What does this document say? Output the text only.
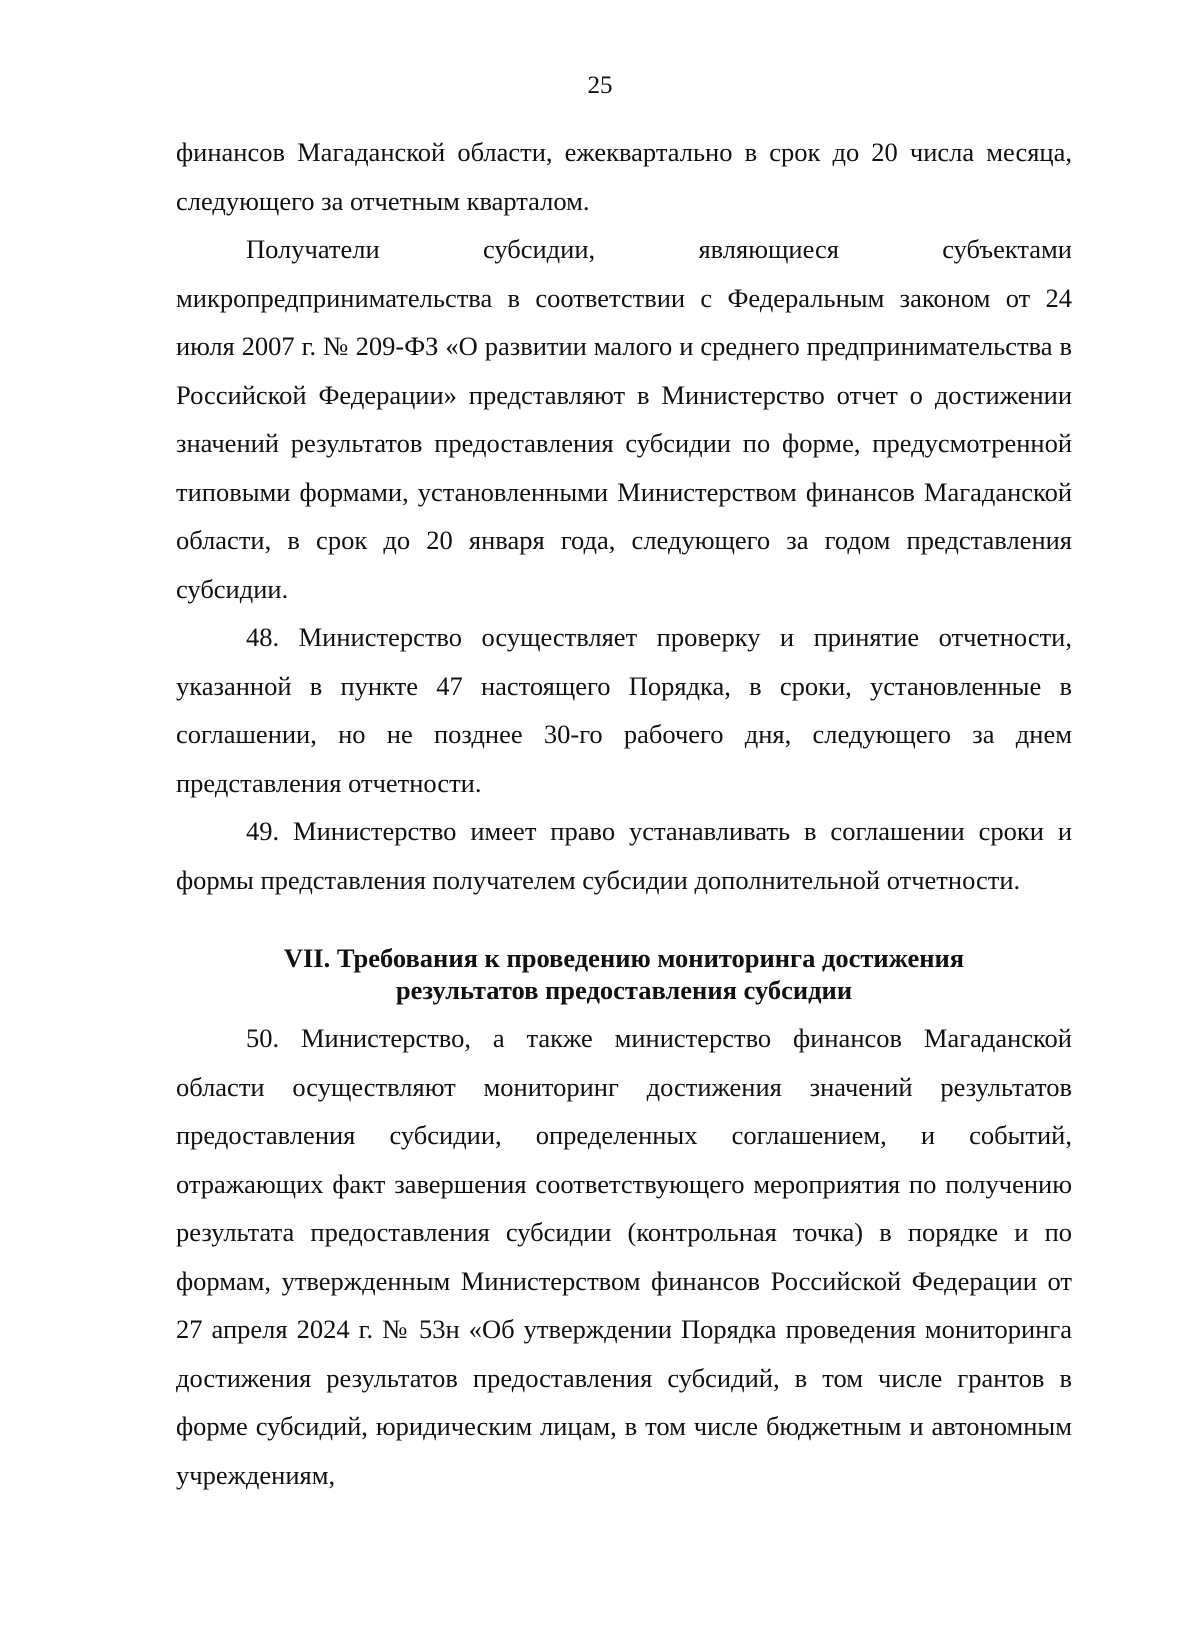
25

финансов Магаданской области, ежеквартально в срок до 20 числа месяца, следующего за отчетным кварталом.

Получатели субсидии, являющиеся субъектами микропредпринимательства в соответствии с Федеральным законом от 24 июля 2007 г. № 209-ФЗ «О развитии малого и среднего предпринимательства в Российской Федерации» представляют в Министерство отчет о достижении значений результатов предоставления субсидии по форме, предусмотренной типовыми формами, установленными Министерством финансов Магаданской области, в срок до 20 января года, следующего за годом представления субсидии.

48. Министерство осуществляет проверку и принятие отчетности, указанной в пункте 47 настоящего Порядка, в сроки, установленные в соглашении, но не позднее 30-го рабочего дня, следующего за днем представления отчетности.

49. Министерство имеет право устанавливать в соглашении сроки и формы представления получателем субсидии дополнительной отчетности.

VII. Требования к проведению мониторинга достижения
результатов предоставления субсидии

50. Министерство, а также министерство финансов Магаданской области осуществляют мониторинг достижения значений результатов предоставления субсидии, определенных соглашением, и событий, отражающих факт завершения соответствующего мероприятия по получению результата предоставления субсидии (контрольная точка) в порядке и по формам, утвержденным Министерством финансов Российской Федерации от 27 апреля 2024 г. № 53н «Об утверждении Порядка проведения мониторинга достижения результатов предоставления субсидий, в том числе грантов в форме субсидий, юридическим лицам, в том числе бюджетным и автономным учреждениям,
